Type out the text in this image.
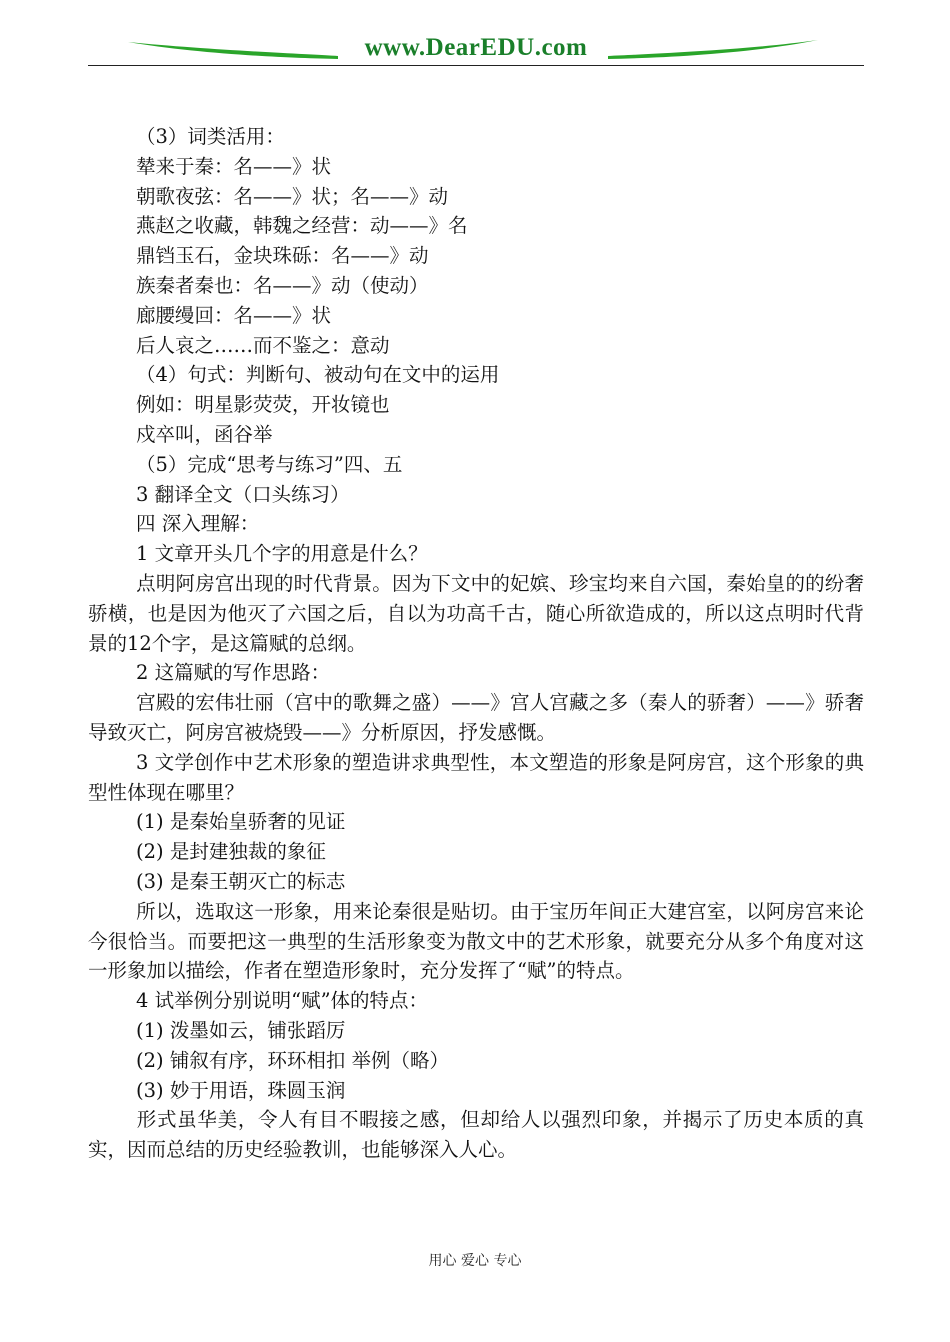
www.DearEDU.com
（3）词类活用：
辇来于秦：名——》状
朝歌夜弦：名——》状；名——》动
燕赵之收藏，韩魏之经营：动——》名
鼎铛玉石，金块珠砾：名——》动
族秦者秦也：名——》动（使动）
廊腰缦回：名——》状
后人哀之……而不鉴之：意动
（4）句式：判断句、被动句在文中的运用
例如：明星影荧荧，开妆镜也
戍卒叫，函谷举
（5）完成“思考与练习”四、五
3 翻译全文（口头练习）
四 深入理解：
1 文章开头几个字的用意是什么？
点明阿房宫出现的时代背景。因为下文中的妃嫔、珍宝均来自六国，秦始皇的的纷奢骄横，也是因为他灭了六国之后，自以为功高千古，随心所欲造成的，所以这点明时代背景的12个字，是这篇赋的总纲。
2 这篇赋的写作思路：
宫殿的宏伟壮丽（宫中的歌舞之盛）——》宫人宫藏之多（秦人的骄奢）——》骄奢导致灭亡，阿房宫被烧毁——》分析原因，抒发感慨。
3 文学创作中艺术形象的塑造讲求典型性，本文塑造的形象是阿房宫，这个形象的典型性体现在哪里？
(1) 是秦始皇骄奢的见证
(2) 是封建独裁的象征
(3) 是秦王朝灭亡的标志
所以，选取这一形象，用来论秦很是贴切。由于宝历年间正大建宫室，以阿房宫来论今很恰当。而要把这一典型的生活形象变为散文中的艺术形象，就要充分从多个角度对这一形象加以描绘，作者在塑造形象时，充分发挥了“赋”的特点。
4 试举例分别说明“赋”体的特点：
(1) 泼墨如云，铺张蹈厉
(2) 铺叙有序，环环相扣 举例（略）
(3) 妙于用语，珠圆玉润
形式虽华美，令人有目不暇接之感，但却给人以强烈印象，并揭示了历史本质的真实，因而总结的历史经验教训，也能够深入人心。
用心 爱心 专心
